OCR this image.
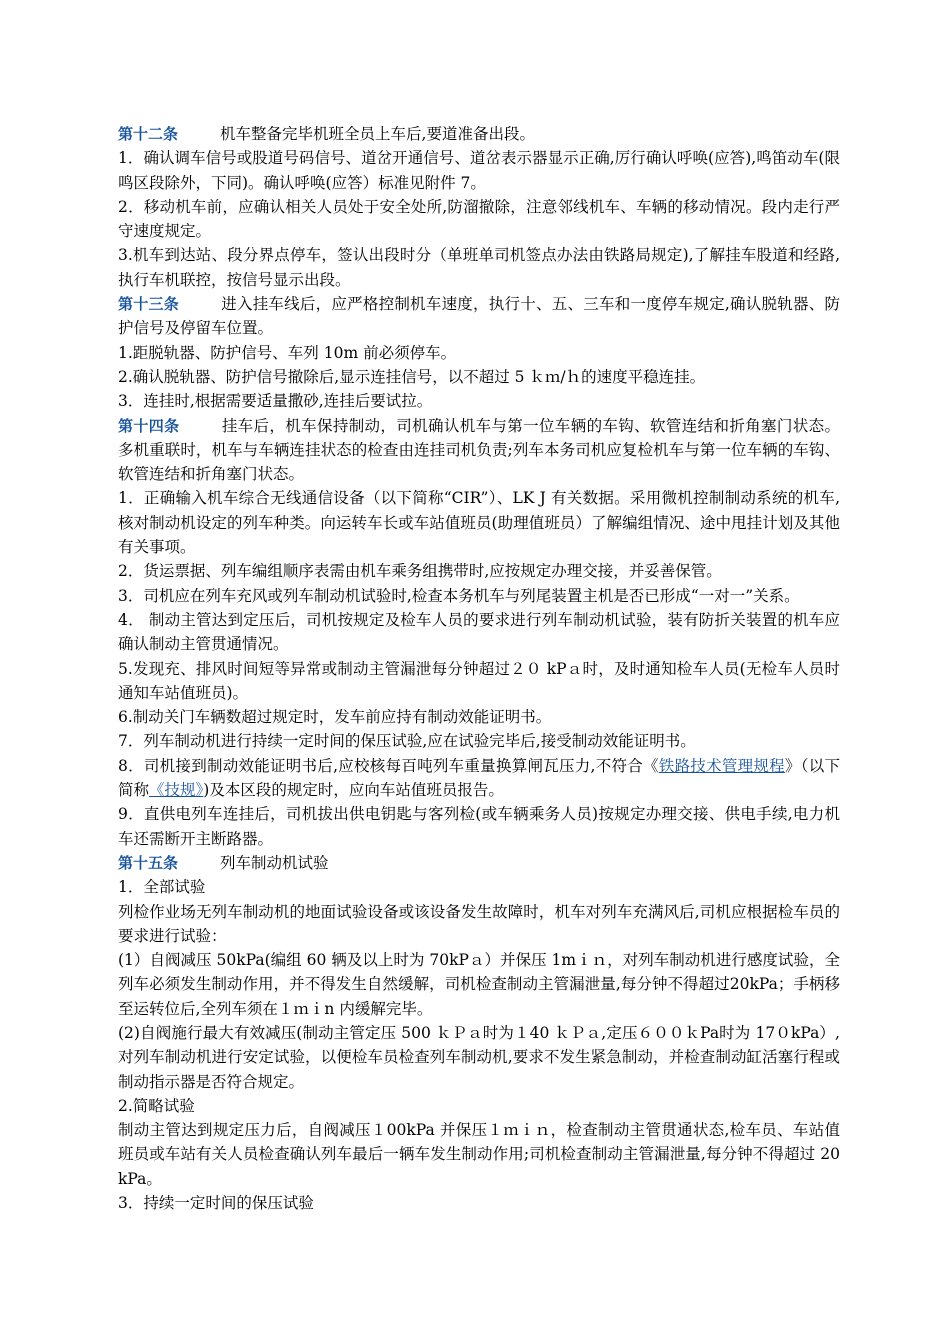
第十二条	机车整备完毕机班全员上车后,要道准备出段。

1．确认调车信号或股道号码信号、道岔开通信号、道岔表示器显示正确,厉行确认呼唤(应答),鸣笛动车(限鸣区段除外，下同)。确认呼唤(应答）标准见附件 7。

2．移动机车前，应确认相关人员处于安全处所,防溜撤除，注意邻线机车、车辆的移动情况。段内走行严守速度规定。

3.机车到达站、段分界点停车，签认出段时分（单班单司机签点办法由铁路局规定),了解挂车股道和经路,执行车机联控，按信号显示出段。

第十三条	进入挂车线后，应严格控制机车速度，执行十、五、三车和一度停车规定,确认脱轨器、防护信号及停留车位置。

1.距脱轨器、防护信号、车列 10m 前必须停车。

2.确认脱轨器、防护信号撤除后,显示连挂信号，以不超过 5 ｋｍ/ｈ的速度平稳连挂。

3．连挂时,根据需要适量撒砂,连挂后要试拉。

第十四条	挂车后，机车保持制动，司机确认机车与第一位车辆的车钩、软管连结和折角塞门状态。多机重联时，机车与车辆连挂状态的检查由连挂司机负责;列车本务司机应复检机车与第一位车辆的车钩、软管连结和折角塞门状态。

1．正确输入机车综合无线通信设备（以下简称“CIR”）、LK J 有关数据。采用微机控制制动系统的机车,核对制动机设定的列车种类。向运转车长或车站值班员(助理值班员）了解编组情况、途中甩挂计划及其他有关事项。

2．货运票据、列车编组顺序表需由机车乘务组携带时,应按规定办理交接，并妥善保管。

3．司机应在列车充风或列车制动机试验时,检查本务机车与列尾装置主机是否已形成“一对一”关系。

4． 制动主管达到定压后，司机按规定及检车人员的要求进行列车制动机试验，装有防折关装置的机车应确认制动主管贯通情况。

5.发现充、排风时间短等异常或制动主管漏泄每分钟超过２０ kPａ时，及时通知检车人员(无检车人员时通知车站值班员)。

6.制动关门车辆数超过规定时，发车前应持有制动效能证明书。

7．列车制动机进行持续一定时间的保压试验,应在试验完毕后,接受制动效能证明书。

8．司机接到制动效能证明书后,应校核每百吨列车重量换算闸瓦压力,不符合《铁路技术管理规程》（以下简称《技规》)及本区段的规定时，应向车站值班员报告。

9．直供电列车连挂后，司机拔出供电钥匙与客列检(或车辆乘务人员)按规定办理交接、供电手续,电力机车还需断开主断路器。

第十五条	列车制动机试验

1．全部试验

列检作业场无列车制动机的地面试验设备或该设备发生故障时，机车对列车充满风后,司机应根据检车员的要求进行试验：

(1）自阀减压 50kPa(编组 60 辆及以上时为 70kPａ）并保压 1mｉｎ，对列车制动机进行感度试验，全列车必须发生制动作用，并不得发生自然缓解，司机检查制动主管漏泄量,每分钟不得超过20kPa；手柄移至运转位后,全列车须在１ｍｉn 内缓解完毕。

(2)自阀施行最大有效减压(制动主管定压 500 ｋＰａ时为１40 ｋＰａ,定压６００ｋPa时为 17０kPa）,对列车制动机进行安定试验，以便检车员检查列车制动机,要求不发生紧急制动，并检查制动缸活塞行程或制动指示器是否符合规定。

2.简略试验

制动主管达到规定压力后，自阀减压１00kPa 并保压１ｍｉｎ，检查制动主管贯通状态,检车员、车站值班员或车站有关人员检查确认列车最后一辆车发生制动作用;司机检查制动主管漏泄量,每分钟不得超过 20kPa。

3．持续一定时间的保压试验
